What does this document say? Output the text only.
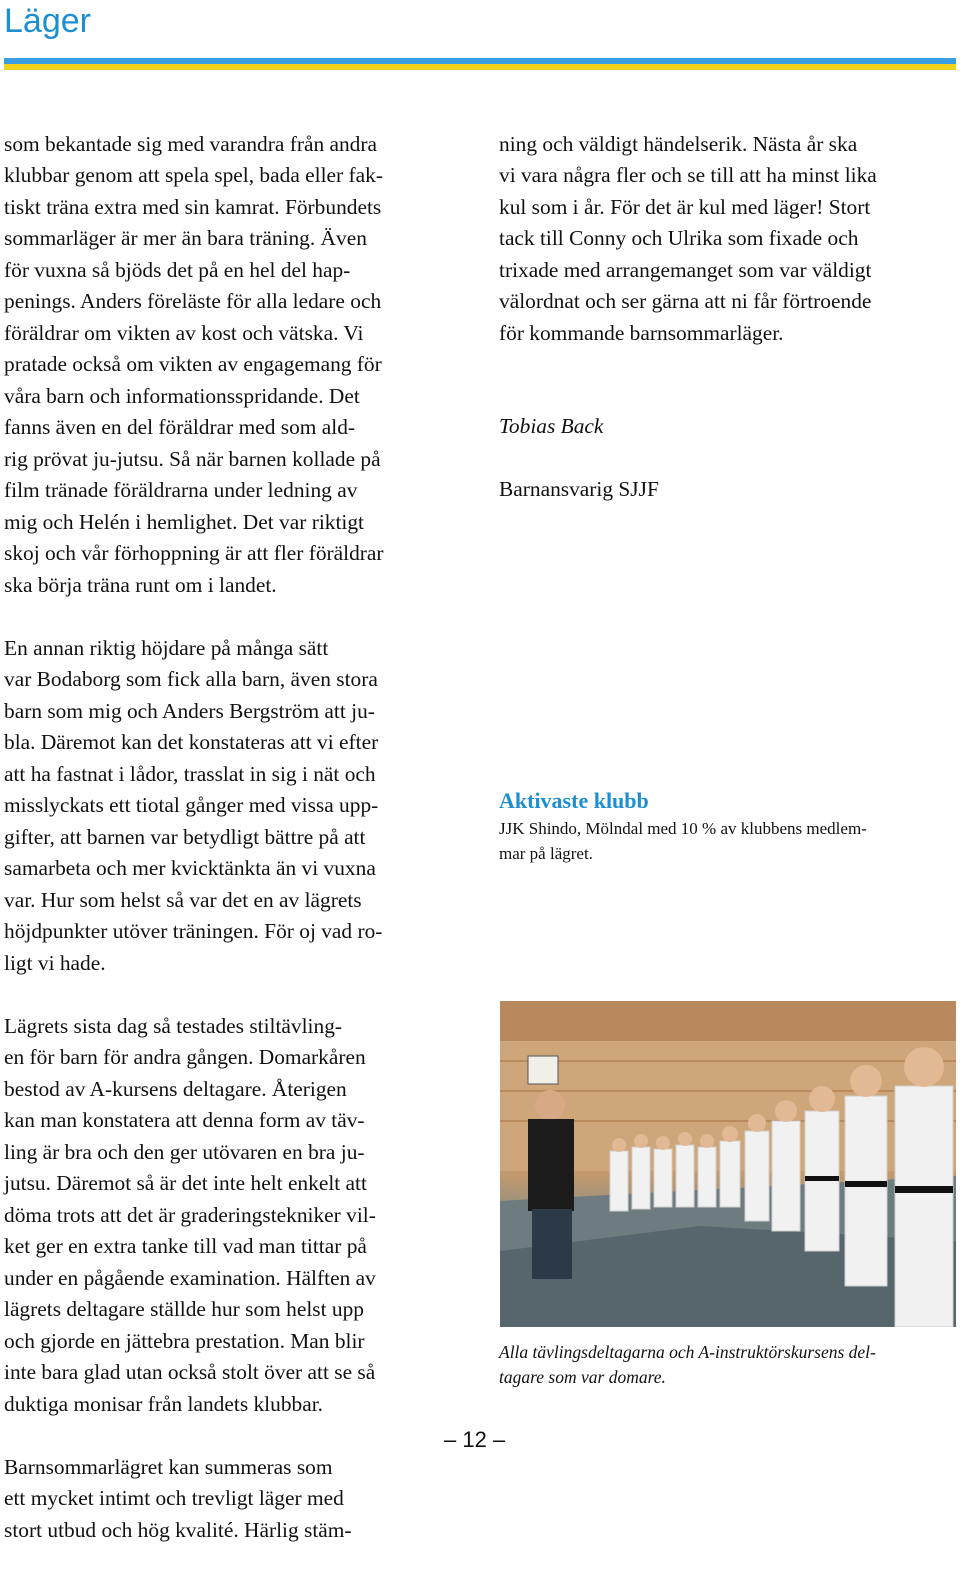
Läger

som bekantade sig med varandra från andra
klubbar genom att spela spel, bada eller fak-
tiskt träna extra med sin kamrat. Förbundets
sommarläger är mer än bara träning. Även
för vuxna så bjöds det på en hel del hap-
penings. Anders föreläste för alla ledare och
föräldrar om vikten av kost och vätska. Vi
pratade också om vikten av engagemang för
våra barn och informationsspridande. Det
fanns även en del föräldrar med som ald-
rig prövat ju-jutsu. Så när barnen kollade på
film tränade föräldrarna under ledning av
mig och Helén i hemlighet. Det var riktigt
skoj och vår förhoppning är att fler föräldrar
ska börja träna runt om i landet.

En annan riktig höjdare på många sätt
var Bodaborg som fick alla barn, även stora
barn som mig och Anders Bergström att ju-
bla. Däremot kan det konstateras att vi efter
att ha fastnat i lådor, trasslat in sig i nät och
misslyckats ett tiotal gånger med vissa upp-
gifter, att barnen var betydligt bättre på att
samarbeta och mer kvicktänkta än vi vuxna
var. Hur som helst så var det en av lägrets
höjdpunkter utöver träningen. För oj vad ro-
ligt vi hade.

Lägrets sista dag så testades stiltävling-
en för barn för andra gången. Domarkåren
bestod av A-kursens deltagare. Återigen
kan man konstatera att denna form av täv-
ling är bra och den ger utövaren en bra ju-
jutsu. Däremot så är det inte helt enkelt att
döma trots att det är graderingstekniker vil-
ket ger en extra tanke till vad man tittar på
under en pågående examination. Hälften av
lägrets deltagare ställde hur som helst upp
och gjorde en jättebra prestation. Man blir
inte bara glad utan också stolt över att se så
duktiga monisar från landets klubbar.

Barnsommarlägret kan summeras som
ett mycket intimt och trevligt läger med
stort utbud och hög kvalité. Härlig stäm-

ning och väldigt händelserik. Nästa år ska
vi vara några fler och se till att ha minst lika
kul som i år. För det är kul med läger! Stort
tack till Conny och Ulrika som fixade och
trixade med arrangemanget som var väldigt
välordnat och ser gärna att ni får förtroende
för kommande barnsommarläger.

Tobias Back

Barnansvarig SJJF

Aktivaste klubb
JJK Shindo, Mölndal med 10 % av klubbens medlem-
mar på lägret.
Alla tävlingsdeltagarna och A-instruktörskursens del-
tagare som var domare.
– 12 –
